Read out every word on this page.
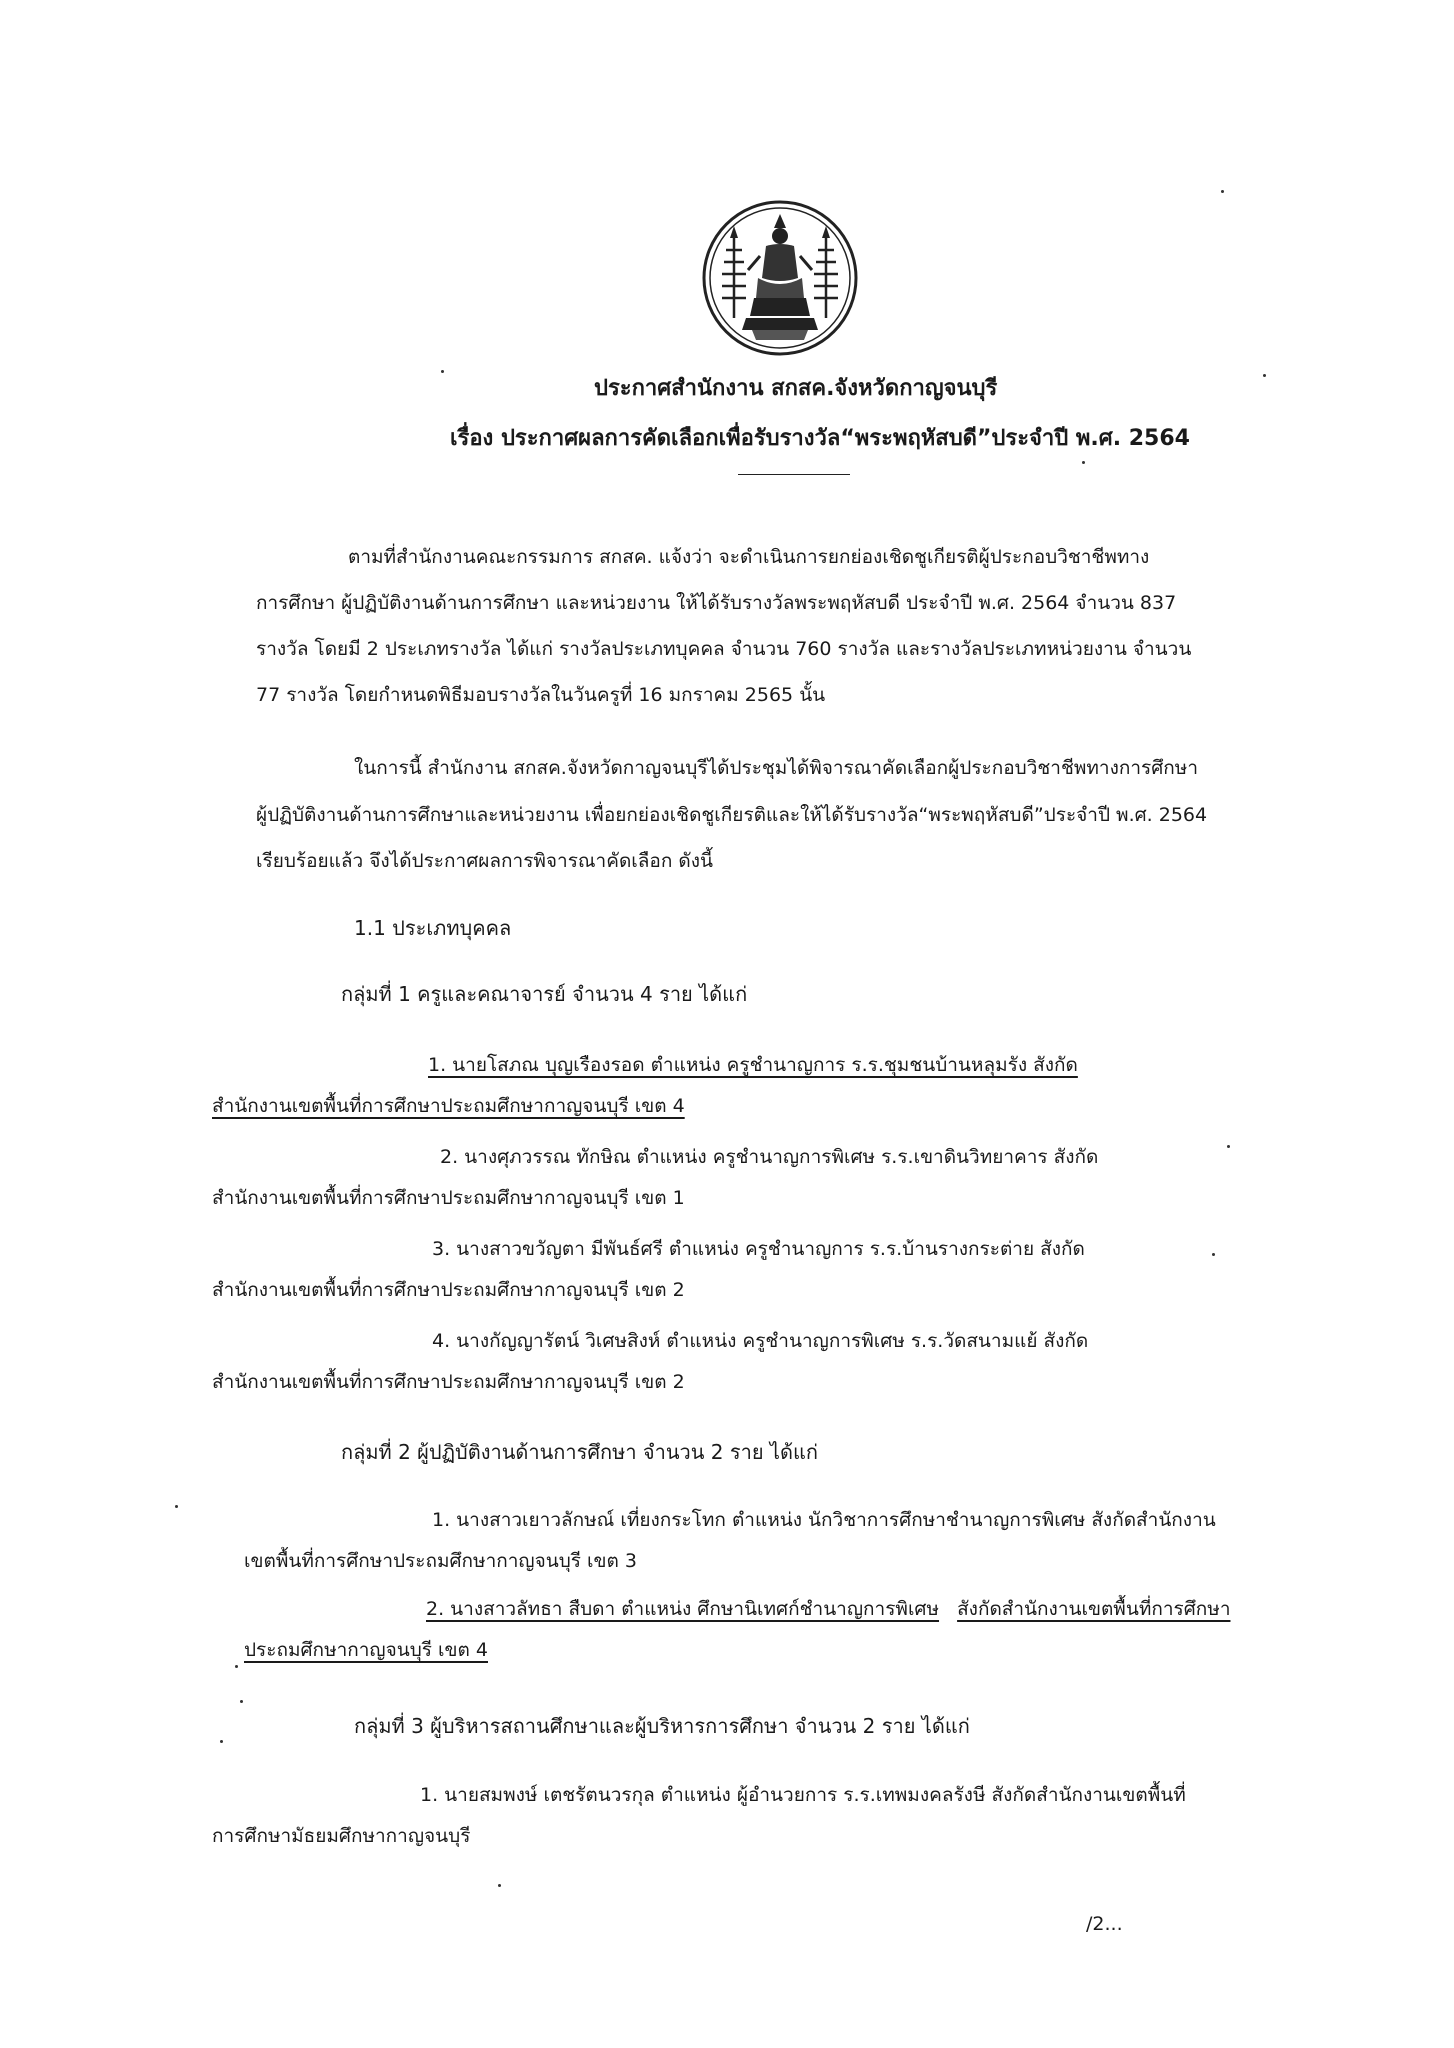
ประกาศสำนักงาน สกสค.จังหวัดกาญจนบุรี
เรื่อง ประกาศผลการคัดเลือกเพื่อรับรางวัล“พระพฤหัสบดี”ประจำปี พ.ศ. 2564
ตามที่สำนักงานคณะกรรมการ สกสค. แจ้งว่า จะดำเนินการยกย่องเชิดชูเกียรติผู้ประกอบวิชาชีพทาง
การศึกษา ผู้ปฏิบัติงานด้านการศึกษา และหน่วยงาน ให้ได้รับรางวัลพระพฤหัสบดี ประจำปี พ.ศ. 2564 จำนวน 837
รางวัล โดยมี 2 ประเภทรางวัล ได้แก่ รางวัลประเภทบุคคล จำนวน 760 รางวัล และรางวัลประเภทหน่วยงาน จำนวน
77 รางวัล โดยกำหนดพิธีมอบรางวัลในวันครูที่ 16 มกราคม 2565 นั้น
ในการนี้ สำนักงาน สกสค.จังหวัดกาญจนบุรีได้ประชุมได้พิจารณาคัดเลือกผู้ประกอบวิชาชีพทางการศึกษา
ผู้ปฏิบัติงานด้านการศึกษาและหน่วยงาน เพื่อยกย่องเชิดชูเกียรติและให้ได้รับรางวัล“พระพฤหัสบดี”ประจำปี พ.ศ. 2564
เรียบร้อยแล้ว จึงได้ประกาศผลการพิจารณาคัดเลือก ดังนี้
1.1 ประเภทบุคคล
กลุ่มที่ 1 ครูและคณาจารย์ จำนวน 4 ราย ได้แก่
1. นายโสภณ บุญเรืองรอด ตำแหน่ง ครูชำนาญการ ร.ร.ชุมชนบ้านหลุมรัง สังกัด
สำนักงานเขตพื้นที่การศึกษาประถมศึกษากาญจนบุรี เขต 4
2. นางศุภวรรณ ทักษิณ ตำแหน่ง ครูชำนาญการพิเศษ ร.ร.เขาดินวิทยาคาร สังกัด
สำนักงานเขตพื้นที่การศึกษาประถมศึกษากาญจนบุรี เขต 1
3. นางสาวขวัญตา มีพันธ์ศรี ตำแหน่ง ครูชำนาญการ ร.ร.บ้านรางกระต่าย สังกัด
สำนักงานเขตพื้นที่การศึกษาประถมศึกษากาญจนบุรี เขต 2
4. นางกัญญารัตน์ วิเศษสิงห์ ตำแหน่ง ครูชำนาญการพิเศษ ร.ร.วัดสนามแย้ สังกัด
สำนักงานเขตพื้นที่การศึกษาประถมศึกษากาญจนบุรี เขต 2
กลุ่มที่ 2 ผู้ปฏิบัติงานด้านการศึกษา จำนวน 2 ราย ได้แก่
1. นางสาวเยาวลักษณ์ เที่ยงกระโทก ตำแหน่ง นักวิชาการศึกษาชำนาญการพิเศษ สังกัดสำนักงาน
เขตพื้นที่การศึกษาประถมศึกษากาญจนบุรี เขต 3
2. นางสาวลัทธา สืบดา ตำแหน่ง ศึกษานิเทศก์ชำนาญการพิเศษ สังกัดสำนักงานเขตพื้นที่การศึกษา
ประถมศึกษากาญจนบุรี เขต 4
กลุ่มที่ 3 ผู้บริหารสถานศึกษาและผู้บริหารการศึกษา จำนวน 2 ราย ได้แก่
1. นายสมพงษ์ เตชรัตนวรกุล ตำแหน่ง ผู้อำนวยการ ร.ร.เทพมงคลรังษี สังกัดสำนักงานเขตพื้นที่
การศึกษามัธยมศึกษากาญจนบุรี
/2...
